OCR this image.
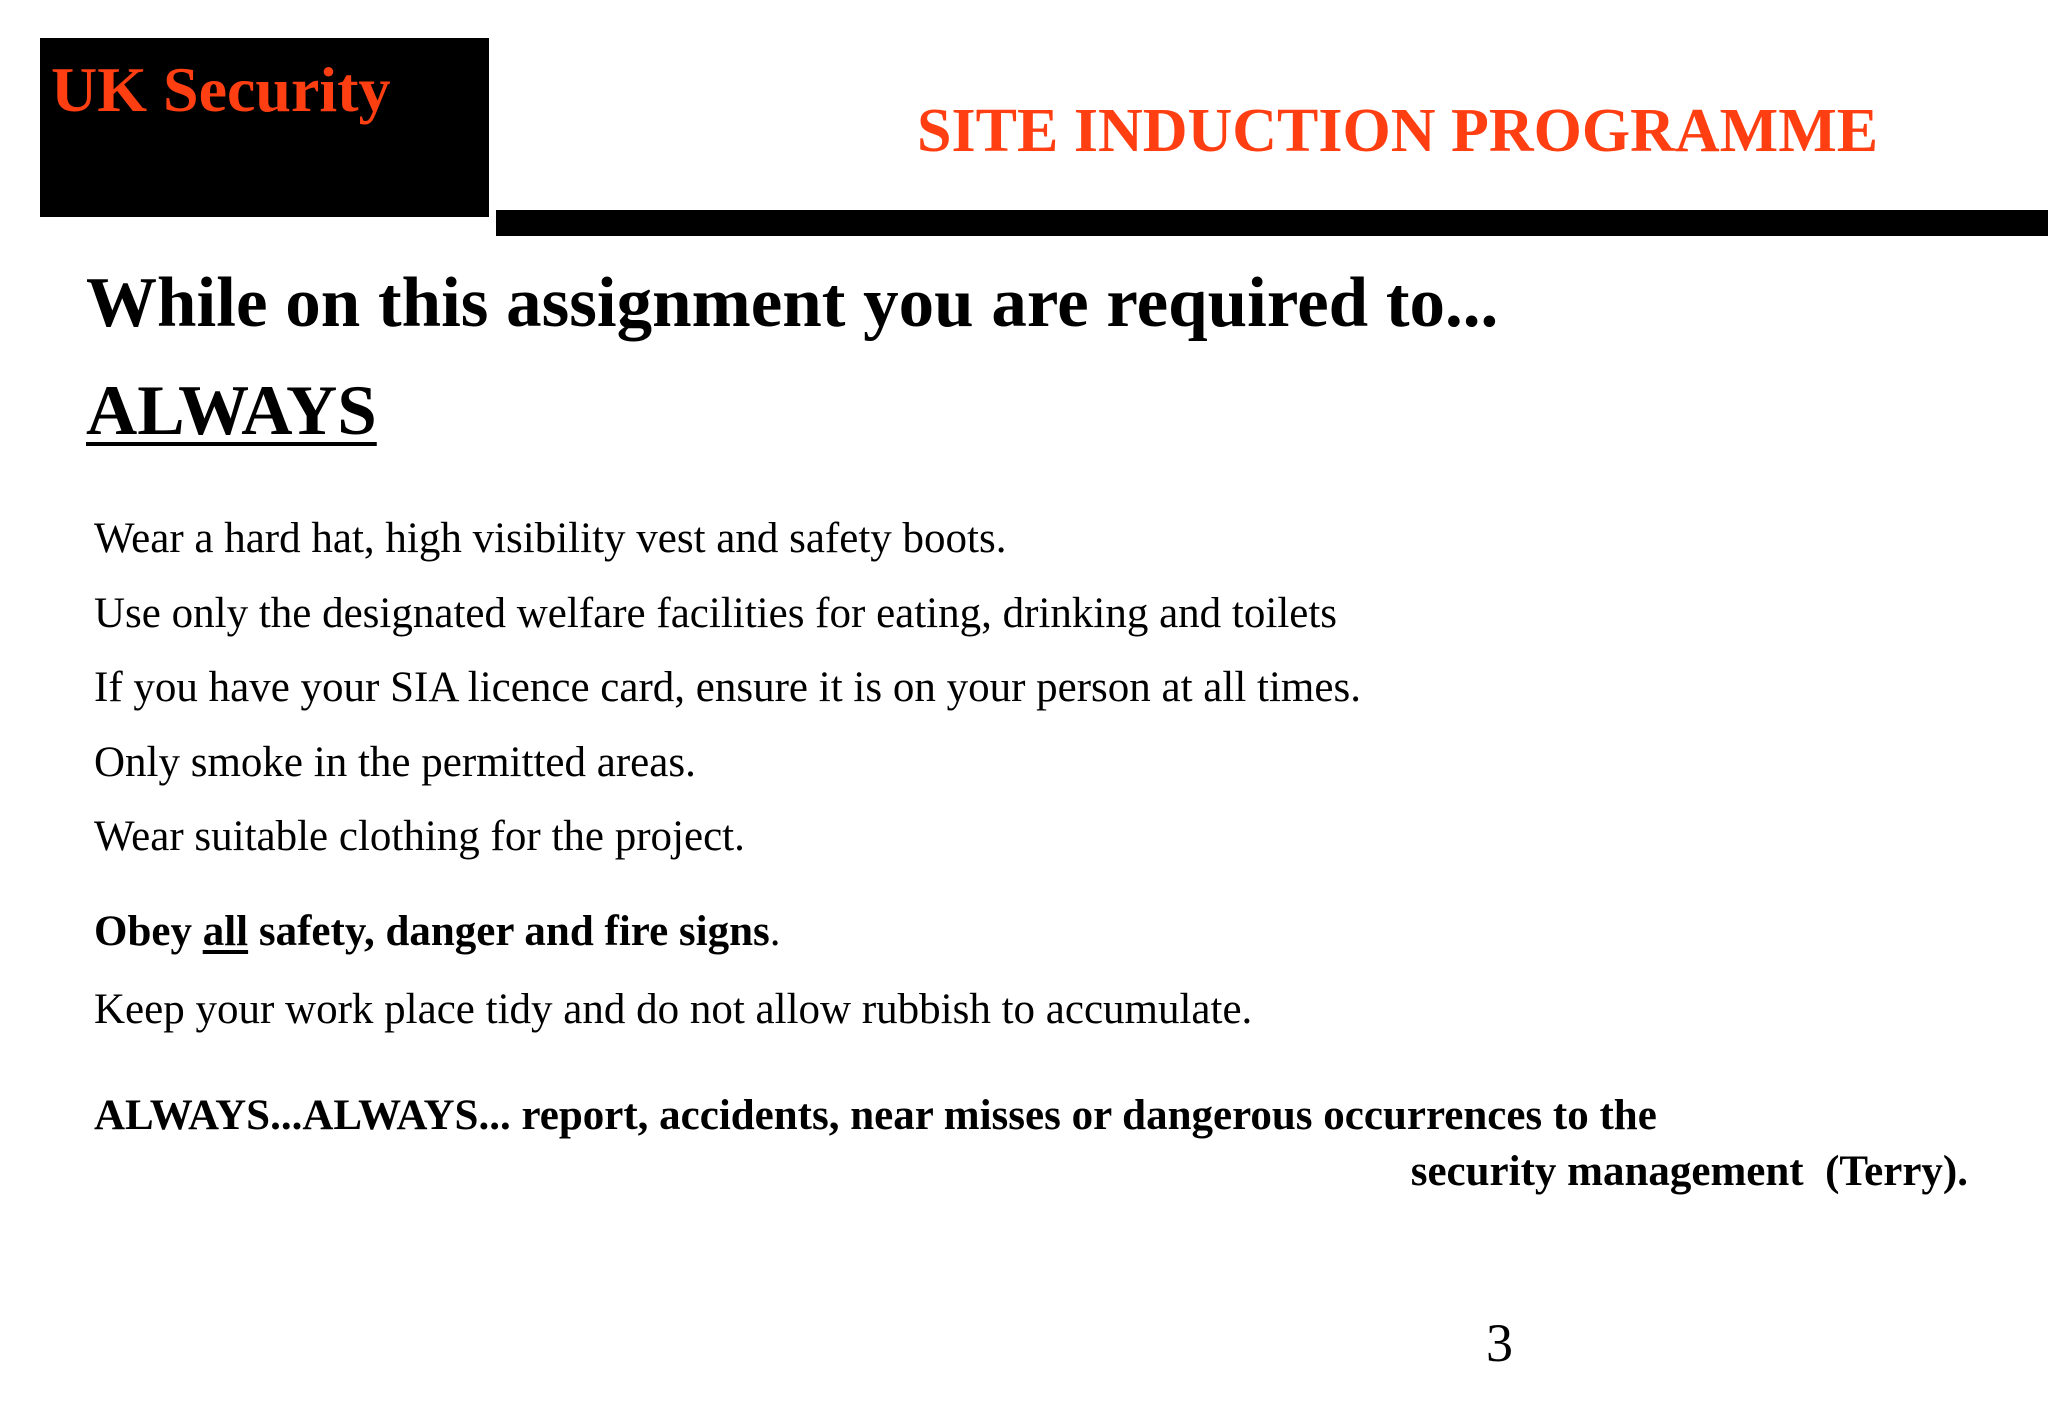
UK Security
SITE INDUCTION PROGRAMME
While on this assignment you are required to...
ALWAYS
Wear a hard hat, high visibility vest and safety boots.
Use only the designated welfare facilities for eating, drinking and toilets
If you have your SIA licence card, ensure it is on your person at all times.
Only smoke in the permitted areas.
Wear suitable clothing for the project.
Obey all safety, danger and fire signs.
Keep your work place tidy and do not allow rubbish to accumulate.
ALWAYS...ALWAYS... report, accidents, near misses or dangerous occurrences to the
security management  (Terry).
3
